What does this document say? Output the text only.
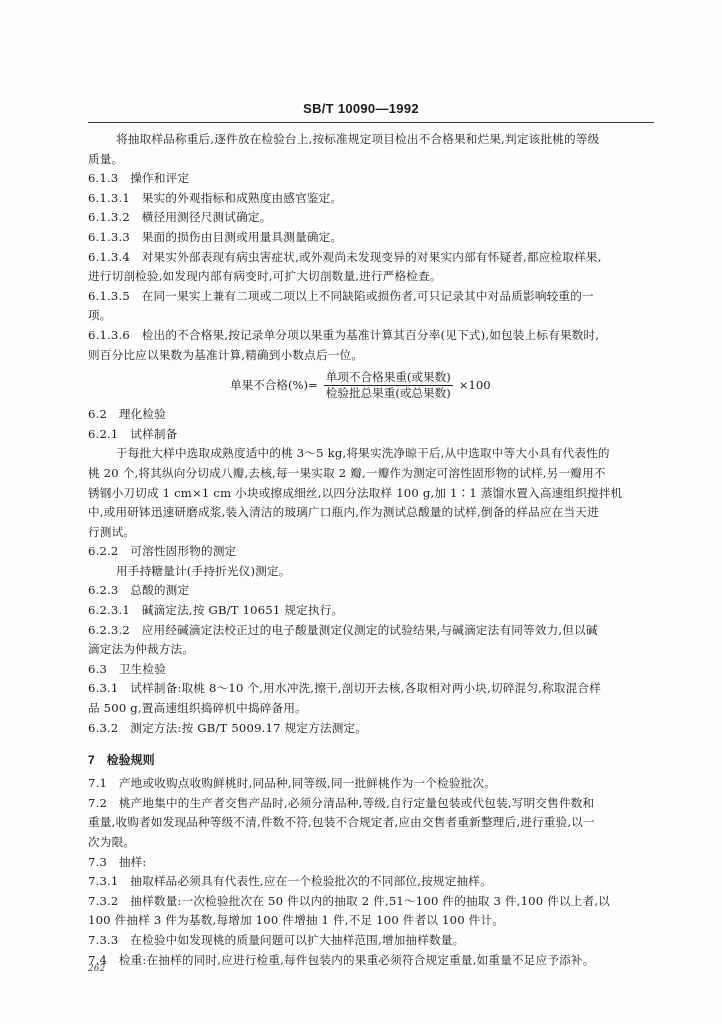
SB/T 10090—1992
将抽取样品称重后,逐件放在检验台上,按标准规定项目检出不合格果和烂果,判定该批桃的等级
质量。
6.1.3　操作和评定
6.1.3.1　果实的外观指标和成熟度由感官鉴定。
6.1.3.2　横径用测径尺测试确定。
6.1.3.3　果面的损伤由目测或用量具测量确定。
6.1.3.4　对果实外部表现有病虫害症状,或外观尚未发现变异的对果实内部有怀疑者,都应检取样果,
进行切剖检验,如发现内部有病变时,可扩大切剖数量,进行严格检查。
6.1.3.5　在同一果实上兼有二项或二项以上不同缺陷或损伤者,可只记录其中对品质影响较重的一
项。
6.1.3.6　检出的不合格果,按记录单分项以果重为基准计算其百分率(见下式),如包装上标有果数时,
则百分比应以果数为基准计算,精确到小数点后一位。
单果不合格(%)= $\frac{\text{单项不合格果重(或果数)}}{\text{检验批总果重(或总果数)}} \times 100$
6.2　理化检验
6.2.1　试样制备
于每批大样中选取成熟度适中的桃 3～5 kg,将果实洗净晾干后,从中选取中等大小具有代表性的
桃 20 个,将其纵向分切成八瓣,去核,每一果实取 2 瓣,一瓣作为测定可溶性固形物的试样,另一瓣用不
锈钢小刀切成 1 cm×1 cm 小块或擦成细丝,以四分法取样 100 g,加 1∶1 蒸馏水置入高速组织搅拌机
中,或用研钵迅速研磨成浆,装入清洁的玻璃广口瓶内,作为测试总酸量的试样,倒备的样品应在当天进
行测试。
6.2.2　可溶性固形物的测定
用手持糖量计(手持折光仪)测定。
6.2.3　总酸的测定
6.2.3.1　碱滴定法,按 GB/T 10651 规定执行。
6.2.3.2　应用经碱滴定法校正过的电子酸量测定仪测定的试验结果,与碱滴定法有同等效力,但以碱
滴定法为仲裁方法。
6.3　卫生检验
6.3.1　试样制备:取桃 8～10 个,用水冲洗,擦干,剖切开去核,各取相对两小块,切碎混匀,称取混合样
品 500 g,置高速组织捣碎机中捣碎备用。
6.3.2　测定方法:按 GB/T 5009.17 规定方法测定。
7　检验规则
7.1　产地或收购点收购鲜桃时,同品种,同等级,同一批鲜桃作为一个检验批次。
7.2　桃产地集中的生产者交售产品时,必须分清品种,等级,自行定量包装或代包装,写明交售件数和
重量,收购者如发现品种等级不清,件数不符,包装不合规定者,应由交售者重新整理后,进行重验,以一
次为限。
7.3　抽样:
7.3.1　抽取样品必须具有代表性,应在一个检验批次的不同部位,按规定抽样。
7.3.2　抽样数量:一次检验批次在 50 件以内的抽取 2 件,51～100 件的抽取 3 件,100 件以上者,以
100 件抽样 3 件为基数,每增加 100 件增抽 1 件,不足 100 件者以 100 件计。
7.3.3　在检验中如发现桃的质量问题可以扩大抽样范围,增加抽样数量。
7.4　检重:在抽样的同时,应进行检重,每件包装内的果重必须符合规定重量,如重量不足应予添补。
262
